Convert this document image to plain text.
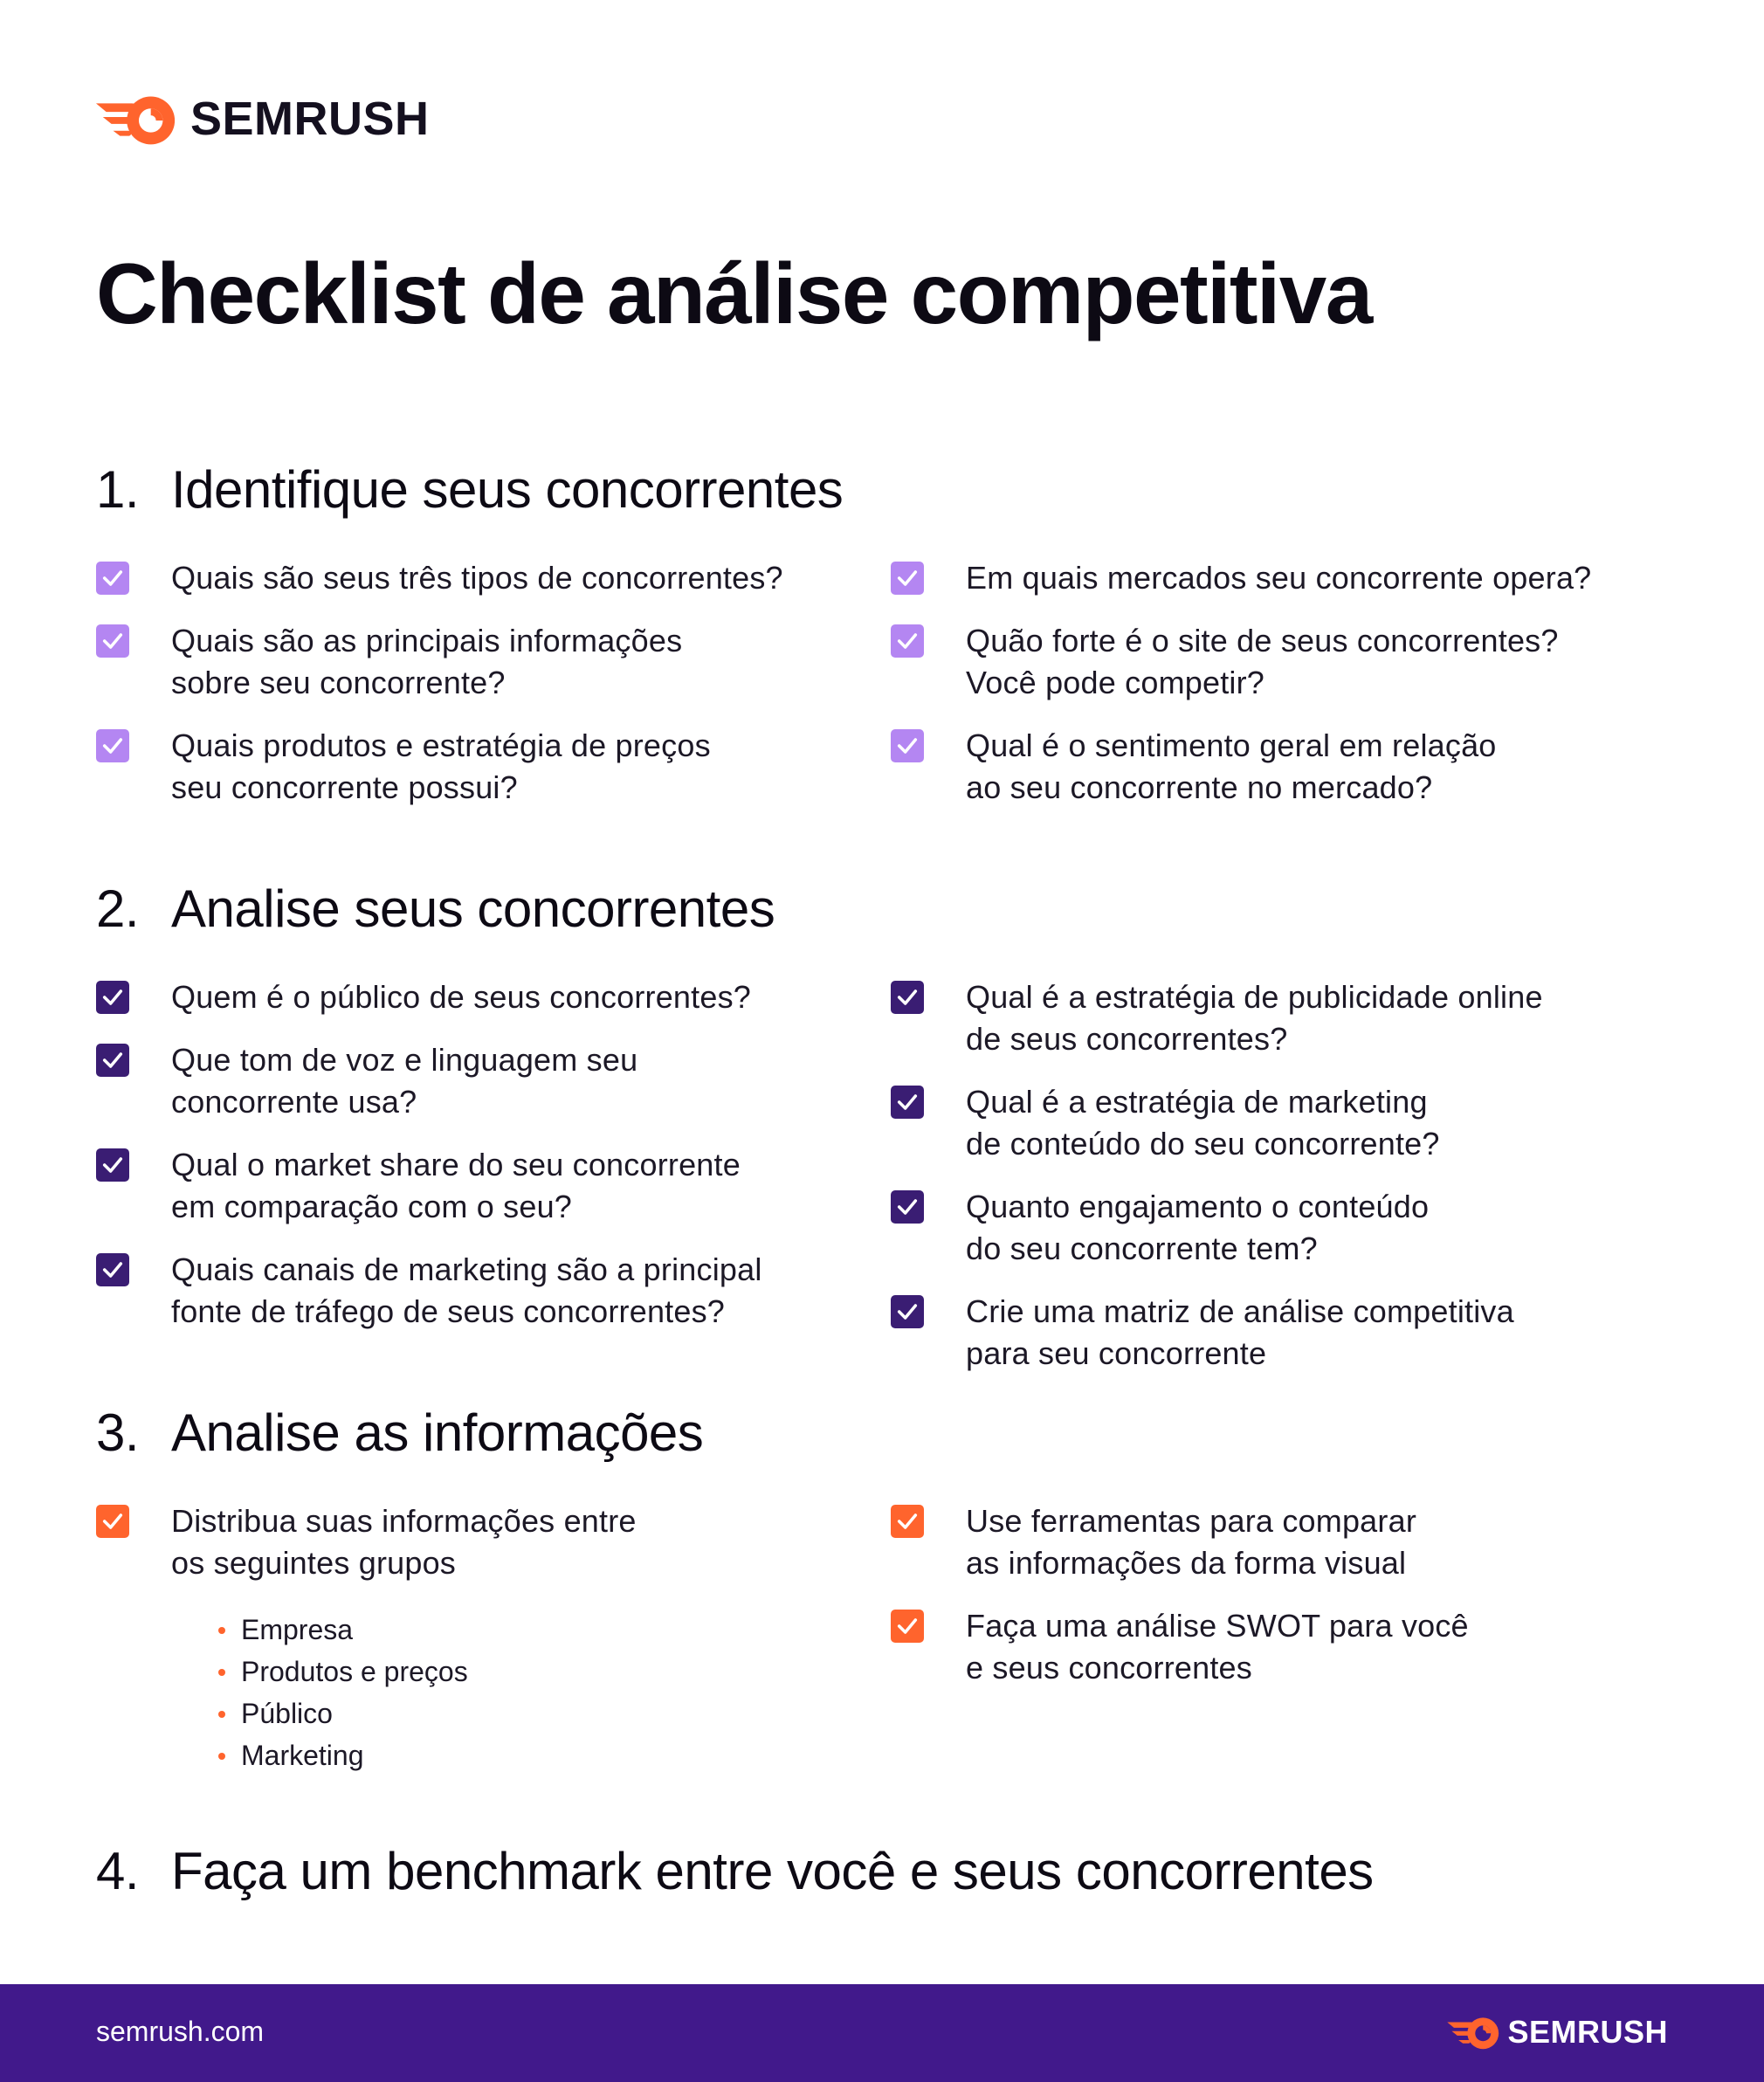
SEMRUSH
Checklist de análise competitiva
1. Identifique seus concorrentes
Quais são seus três tipos de concorrentes?
Quais são as principais informações
sobre seu concorrente?
Quais produtos e estratégia de preços
seu concorrente possui?
Em quais mercados seu concorrente opera?
Quão forte é o site de seus concorrentes?
Você pode competir?
Qual é o sentimento geral em relação
ao seu concorrente no mercado?
2. Analise seus concorrentes
Quem é o público de seus concorrentes?
Que tom de voz e linguagem seu
concorrente usa?
Qual o market share do seu concorrente
em comparação com o seu?
Quais canais de marketing são a principal
fonte de tráfego de seus concorrentes?
Qual é a estratégia de publicidade online
de seus concorrentes?
Qual é a estratégia de marketing
de conteúdo do seu concorrente?
Quanto engajamento o conteúdo
do seu concorrente tem?
Crie uma matriz de análise competitiva
para seu concorrente
3. Analise as informações
Distribua suas informações entre
os seguintes grupos
Empresa
Produtos e preços
Público
Marketing
Use ferramentas para comparar
as informações da forma visual
Faça uma análise SWOT para você
e seus concorrentes
4. Faça um benchmark entre você e seus concorrentes
semrush.com	SEMRUSH
